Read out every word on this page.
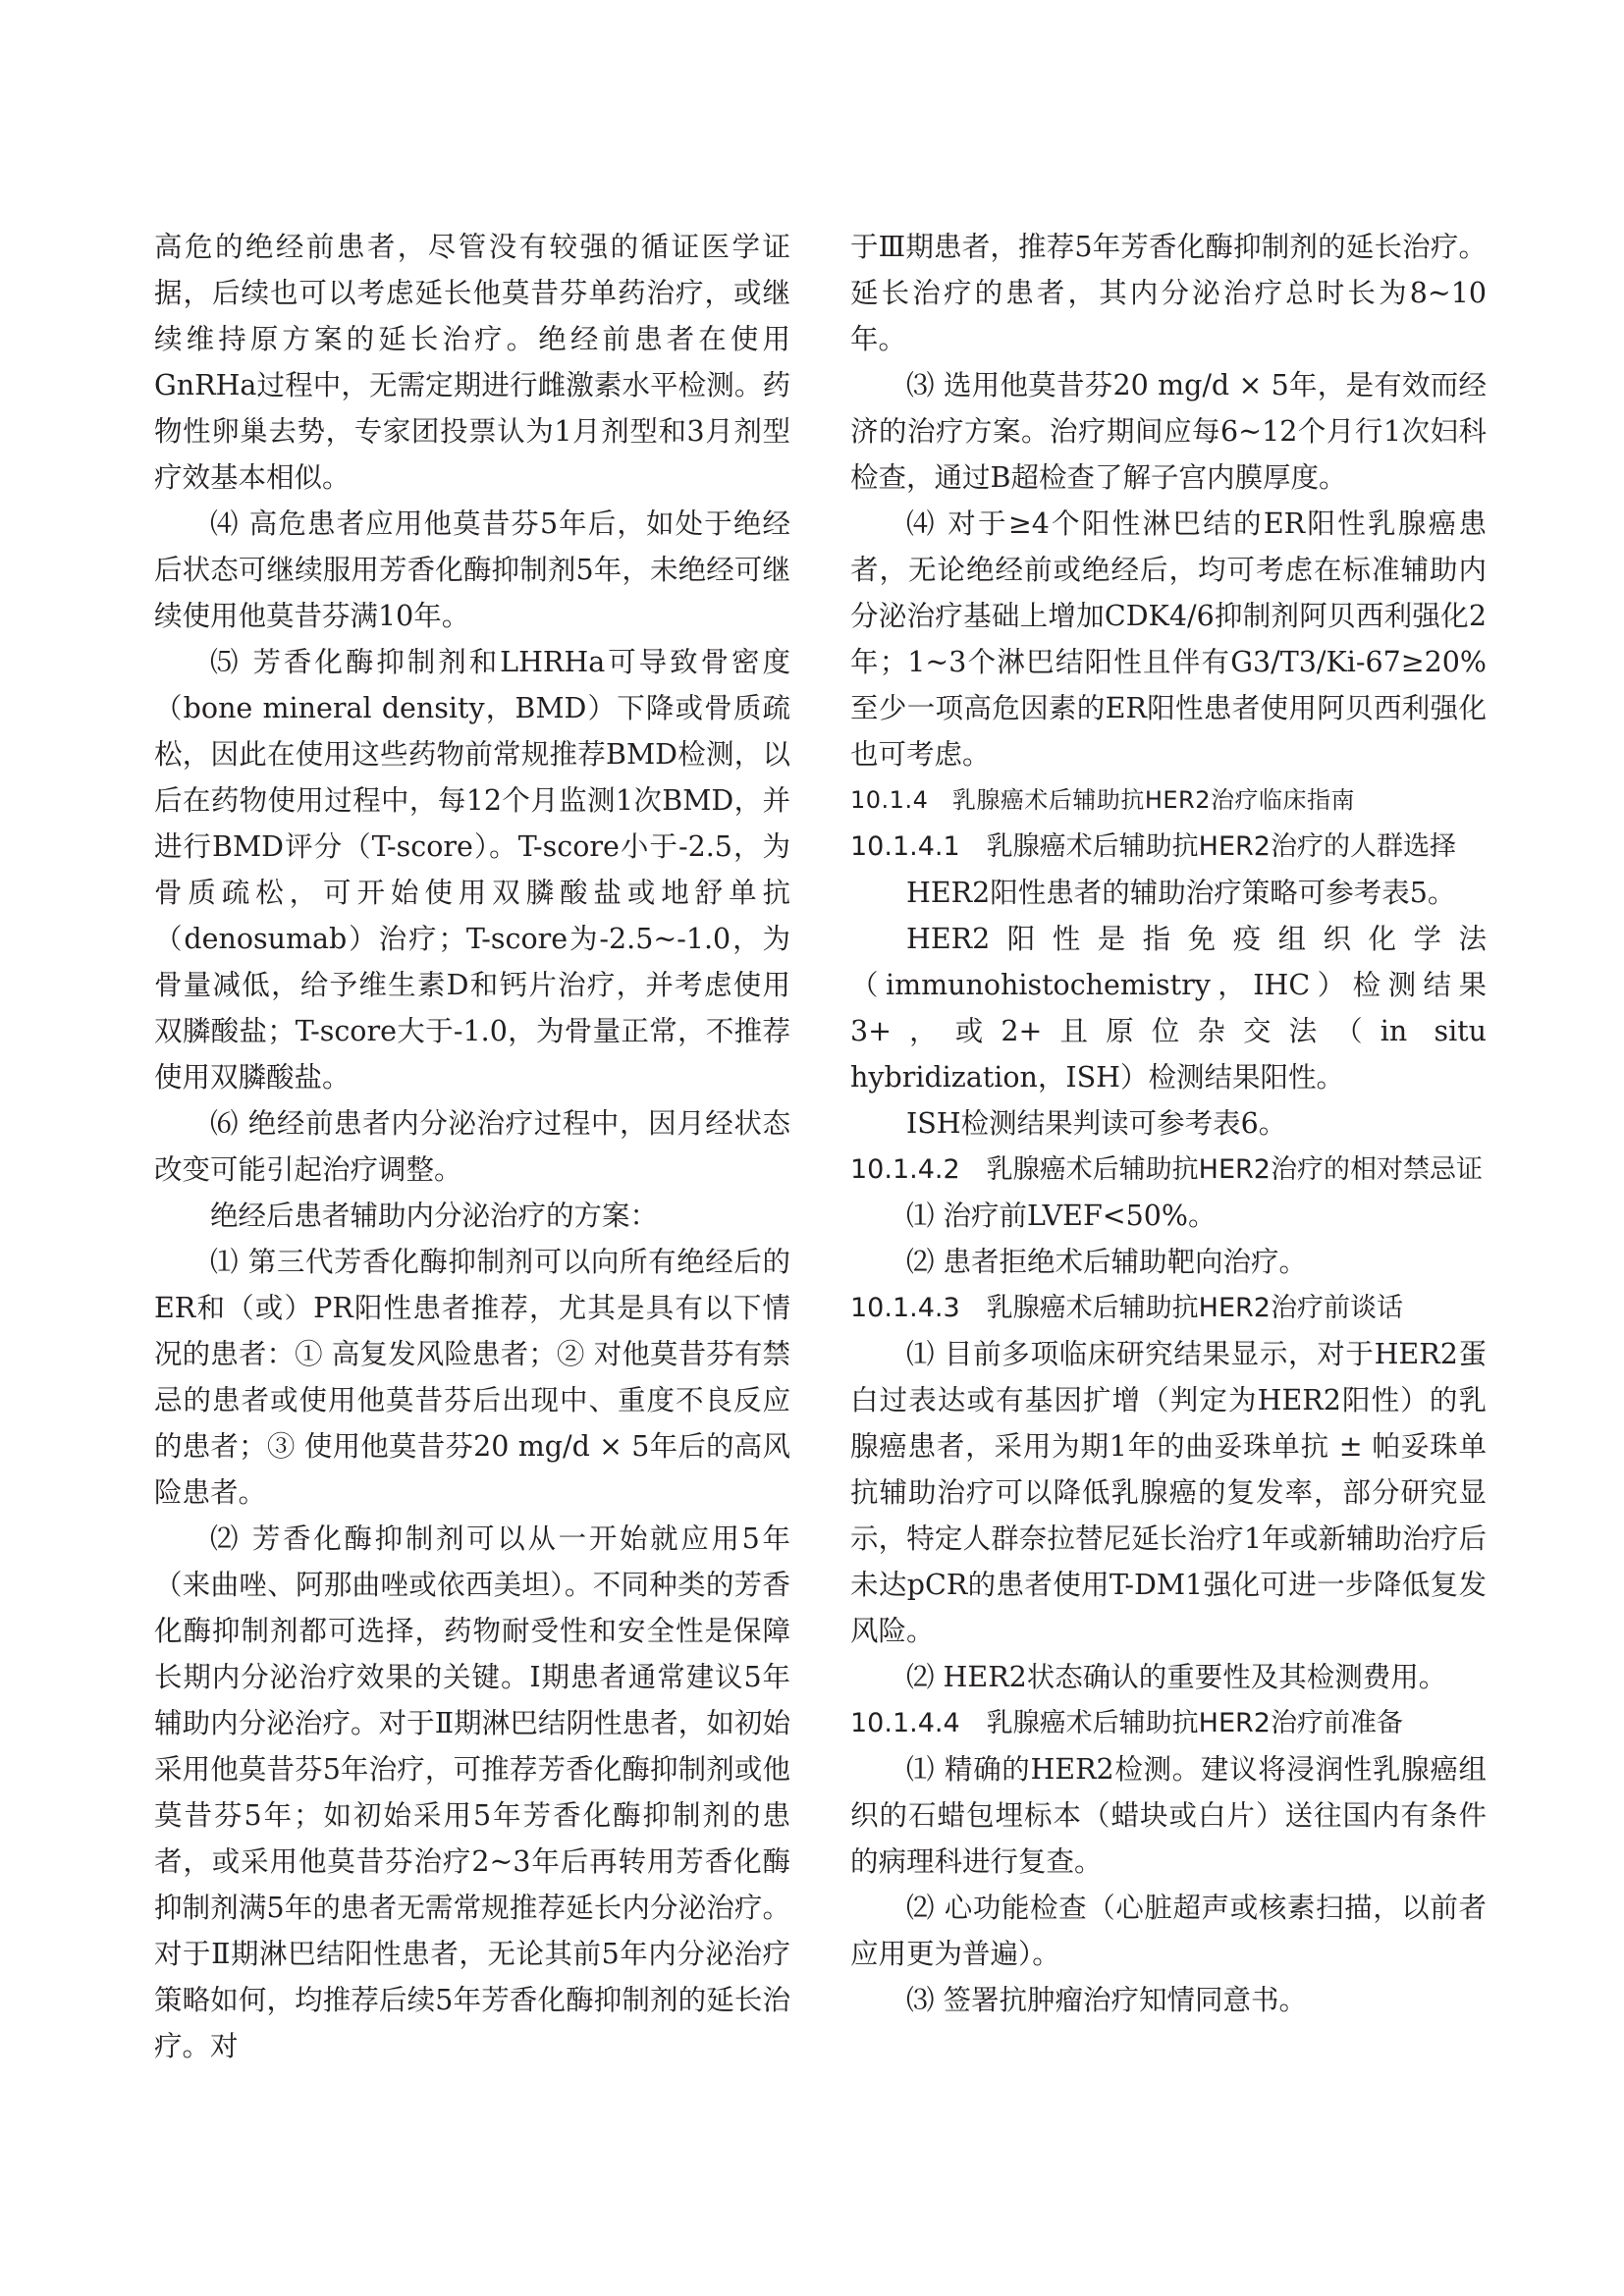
高危的绝经前患者，尽管没有较强的循证医学证据，后续也可以考虑延长他莫昔芬单药治疗，或继续维持原方案的延长治疗。绝经前患者在使用GnRHa过程中，无需定期进行雌激素水平检测。药物性卵巢去势，专家团投票认为1月剂型和3月剂型疗效基本相似。

⑷ 高危患者应用他莫昔芬5年后，如处于绝经后状态可继续服用芳香化酶抑制剂5年，未绝经可继续使用他莫昔芬满10年。

⑸ 芳香化酶抑制剂和LHRHa可导致骨密度（bone mineral density，BMD）下降或骨质疏松，因此在使用这些药物前常规推荐BMD检测，以后在药物使用过程中，每12个月监测1次BMD，并进行BMD评分（T-score）。T-score小于-2.5，为骨质疏松，可开始使用双膦酸盐或地舒单抗（denosumab）治疗；T-score为-2.5~-1.0，为骨量减低，给予维生素D和钙片治疗，并考虑使用双膦酸盐；T-score大于-1.0，为骨量正常，不推荐使用双膦酸盐。

⑹ 绝经前患者内分泌治疗过程中，因月经状态改变可能引起治疗调整。

绝经后患者辅助内分泌治疗的方案：

⑴ 第三代芳香化酶抑制剂可以向所有绝经后的ER和（或）PR阳性患者推荐，尤其是具有以下情况的患者：① 高复发风险患者；② 对他莫昔芬有禁忌的患者或使用他莫昔芬后出现中、重度不良反应的患者；③ 使用他莫昔芬20 mg/d × 5年后的高风险患者。

⑵ 芳香化酶抑制剂可以从一开始就应用5年（来曲唑、阿那曲唑或依西美坦）。不同种类的芳香化酶抑制剂都可选择，药物耐受性和安全性是保障长期内分泌治疗效果的关键。Ⅰ期患者通常建议5年辅助内分泌治疗。对于Ⅱ期淋巴结阴性患者，如初始采用他莫昔芬5年治疗，可推荐芳香化酶抑制剂或他莫昔芬5年；如初始采用5年芳香化酶抑制剂的患者，或采用他莫昔芬治疗2~3年后再转用芳香化酶抑制剂满5年的患者无需常规推荐延长内分泌治疗。对于Ⅱ期淋巴结阳性患者，无论其前5年内分泌治疗策略如何，均推荐后续5年芳香化酶抑制剂的延长治疗。对

于Ⅲ期患者，推荐5年芳香化酶抑制剂的延长治疗。延长治疗的患者，其内分泌治疗总时长为8~10年。

⑶ 选用他莫昔芬20 mg/d × 5年，是有效而经济的治疗方案。治疗期间应每6~12个月行1次妇科检查，通过B超检查了解子宫内膜厚度。

⑷ 对于≥4个阳性淋巴结的ER阳性乳腺癌患者，无论绝经前或绝经后，均可考虑在标准辅助内分泌治疗基础上增加CDK4/6抑制剂阿贝西利强化2年；1~3个淋巴结阳性且伴有G3/T3/Ki-67≥20%至少一项高危因素的ER阳性患者使用阿贝西利强化也可考虑。

10.1.4　乳腺癌术后辅助抗HER2治疗临床指南

10.1.4.1　乳腺癌术后辅助抗HER2治疗的人群选择

HER2阳性患者的辅助治疗策略可参考表5。

HER2阳性是指免疫组织化学法（immunohistochemistry，IHC）检测结果3+，或2+且原位杂交法（in situ hybridization，ISH）检测结果阳性。

ISH检测结果判读可参考表6。

10.1.4.2　乳腺癌术后辅助抗HER2治疗的相对禁忌证

⑴ 治疗前LVEF<50%。

⑵ 患者拒绝术后辅助靶向治疗。

10.1.4.3　乳腺癌术后辅助抗HER2治疗前谈话

⑴ 目前多项临床研究结果显示，对于HER2蛋白过表达或有基因扩增（判定为HER2阳性）的乳腺癌患者，采用为期1年的曲妥珠单抗 ± 帕妥珠单抗辅助治疗可以降低乳腺癌的复发率，部分研究显示，特定人群奈拉替尼延长治疗1年或新辅助治疗后未达pCR的患者使用T-DM1强化可进一步降低复发风险。

⑵ HER2状态确认的重要性及其检测费用。

10.1.4.4　乳腺癌术后辅助抗HER2治疗前准备

⑴ 精确的HER2检测。建议将浸润性乳腺癌组织的石蜡包埋标本（蜡块或白片）送往国内有条件的病理科进行复查。

⑵ 心功能检查（心脏超声或核素扫描，以前者应用更为普遍）。

⑶ 签署抗肿瘤治疗知情同意书。
